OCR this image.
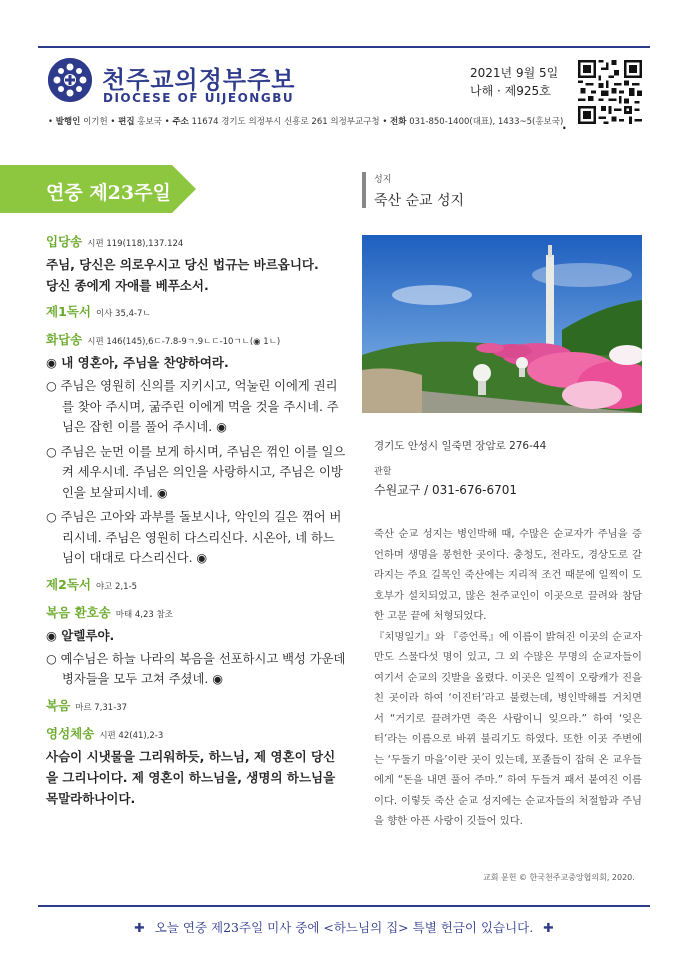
천주교의정부주보
DIOCESE OF UIJEONGBU
2021년 9월 5일
나해 · 제925호
• 발행인 이기헌 • 편집 홍보국 • 주소 11674 경기도 의정부시 신흥로 261 의정부교구청 • 전화 031-850-1400(대표), 1433~5(홍보국)
.
연중 제23주일
입당송 시편 119(118),137.124
주님, 당신은 의로우시고 당신 법규는 바르옵니다.
당신 종에게 자애를 베푸소서.
제1독서 이사 35,4-7ㄴ
화답송 시편 146(145),6ㄷ-7.8-9ㄱ.9ㄴㄷ-10ㄱㄴ(◉ 1ㄴ)
◉ 내 영혼아, 주님을 찬양하여라.
○ 주님은 영원히 신의를 지키시고, 억눌린 이에게 권리를 찾아 주시며, 굶주린 이에게 먹을 것을 주시네. 주님은 잡힌 이를 풀어 주시네. ◉
○ 주님은 눈먼 이를 보게 하시며, 주님은 꺾인 이를 일으켜 세우시네. 주님은 의인을 사랑하시고, 주님은 이방인을 보살피시네. ◉
○ 주님은 고아와 과부를 돌보시나, 악인의 길은 꺾어 버리시네. 주님은 영원히 다스리신다. 시온아, 네 하느님이 대대로 다스리신다. ◉
제2독서 야고 2,1-5
복음 환호송 마태 4,23 참조
◉ 알렐루야.
○ 예수님은 하늘 나라의 복음을 선포하시고 백성 가운데 병자들을 모두 고쳐 주셨네. ◉
복음 마르 7,31-37
영성체송 시편 42(41),2-3
사슴이 시냇물을 그리워하듯, 하느님, 제 영혼이 당신을 그리나이다. 제 영혼이 하느님을, 생명의 하느님을 목말라하나이다.
성지
죽산 순교 성지
경기도 안성시 일죽면 장암로 276-44
관할
수원교구 / 031-676-6701

죽산 순교 성지는 병인박해 때, 수많은 순교자가 주님을 증언하며 생명을 봉헌한 곳이다. 충청도, 전라도, 경상도로 갈라지는 주요 길목인 죽산에는 지리적 조건 때문에 일찍이 도호부가 설치되었고, 많은 천주교인이 이곳으로 끌려와 참담한 고문 끝에 처형되었다.

『치명일기』와 『증언록』에 이름이 밝혀진 이곳의 순교자만도 스물다섯 명이 있고, 그 외 수많은 무명의 순교자들이 여기서 순교의 깃발을 올렸다. 이곳은 일찍이 오랑캐가 진을 친 곳이라 하여 ‘이진터’라고 불렸는데, 병인박해를 거치면서 “거기로 끌려가면 죽은 사람이니 잊으라.” 하여 ‘잊은터’라는 이름으로 바뀌 불리기도 하였다. 또한 이곳 주변에는 ‘두둘기 마을’이란 곳이 있는데, 포졸들이 잡혀 온 교우들에게 “돈을 내면 풀어 주마.” 하여 두들겨 패서 붙여진 이름이다. 이렇듯 죽산 순교 성지에는 순교자들의 처절함과 주님을 향한 아픈 사랑이 깃들어 있다.

교회 문헌 © 한국천주교중앙협의회, 2020.
✚ 오늘 연중 제23주일 미사 중에 <하느님의 집> 특별 헌금이 있습니다. ✚
